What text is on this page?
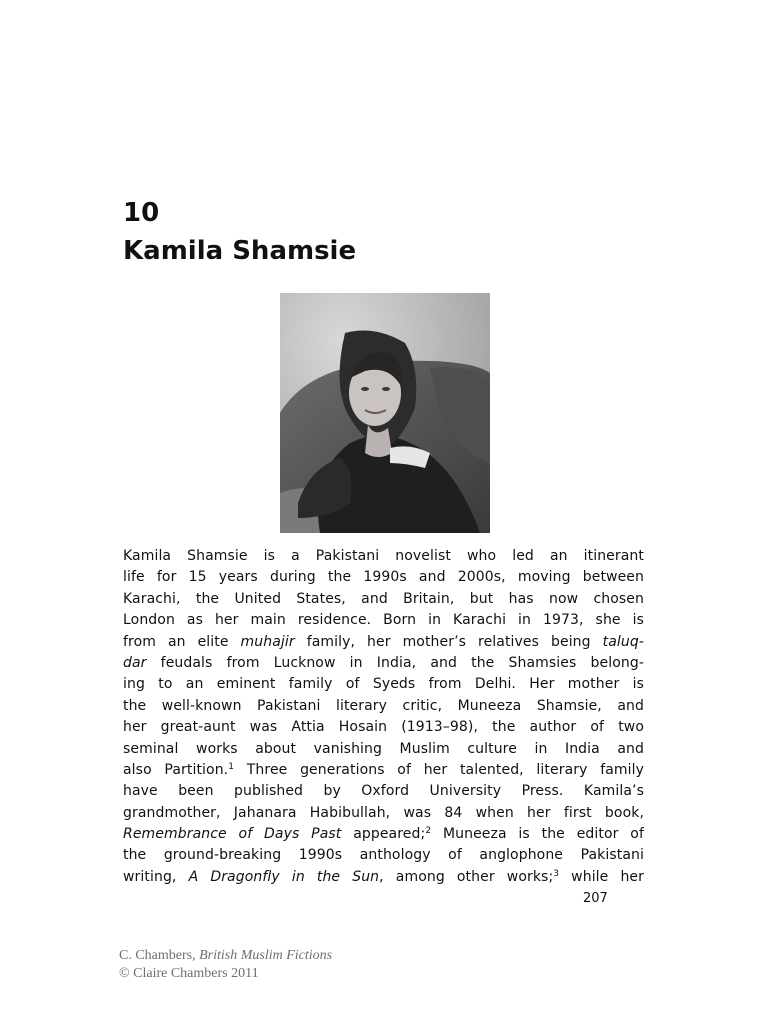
10
Kamila Shamsie

Kamila Shamsie is a Pakistani novelist who led an itinerant
life for 15 years during the 1990s and 2000s, moving between
Karachi, the United States, and Britain, but has now chosen
London as her main residence. Born in Karachi in 1973, she is
from an elite muhajir family, her mother’s relatives being taluq-
dar feudals from Lucknow in India, and the Shamsies belong-
ing to an eminent family of Syeds from Delhi. Her mother is
the well-known Pakistani literary critic, Muneeza Shamsie, and
her great-aunt was Attia Hosain (1913–98), the author of two
seminal works about vanishing Muslim culture in India and
also Partition.$^1$ Three generations of her talented, literary family
have been published by Oxford University Press. Kamila’s
grandmother, Jahanara Habibullah, was 84 when her first book,
Remembrance of Days Past appeared;$^2$ Muneeza is the editor of
the ground-breaking 1990s anthology of anglophone Pakistani
writing, A Dragonfly in the Sun, among other works;$^3$ while her

207
C. Chambers, British Muslim Fictions
© Claire Chambers 2011
